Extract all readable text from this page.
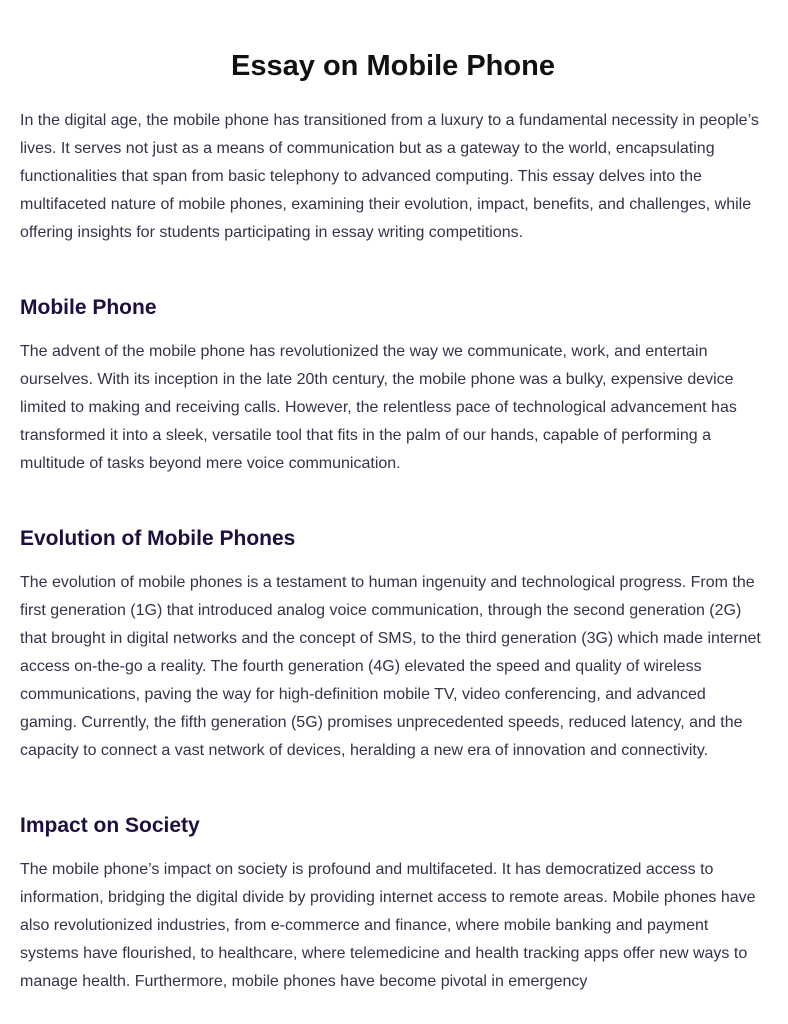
Essay on Mobile Phone

In the digital age, the mobile phone has transitioned from a luxury to a fundamental necessity in people’s lives. It serves not just as a means of communication but as a gateway to the world, encapsulating functionalities that span from basic telephony to advanced computing. This essay delves into the multifaceted nature of mobile phones, examining their evolution, impact, benefits, and challenges, while offering insights for students participating in essay writing competitions.

Mobile Phone

The advent of the mobile phone has revolutionized the way we communicate, work, and entertain ourselves. With its inception in the late 20th century, the mobile phone was a bulky, expensive device limited to making and receiving calls. However, the relentless pace of technological advancement has transformed it into a sleek, versatile tool that fits in the palm of our hands, capable of performing a multitude of tasks beyond mere voice communication.

Evolution of Mobile Phones

The evolution of mobile phones is a testament to human ingenuity and technological progress. From the first generation (1G) that introduced analog voice communication, through the second generation (2G) that brought in digital networks and the concept of SMS, to the third generation (3G) which made internet access on-the-go a reality. The fourth generation (4G) elevated the speed and quality of wireless communications, paving the way for high-definition mobile TV, video conferencing, and advanced gaming. Currently, the fifth generation (5G) promises unprecedented speeds, reduced latency, and the capacity to connect a vast network of devices, heralding a new era of innovation and connectivity.

Impact on Society

The mobile phone’s impact on society is profound and multifaceted. It has democratized access to information, bridging the digital divide by providing internet access to remote areas. Mobile phones have also revolutionized industries, from e-commerce and finance, where mobile banking and payment systems have flourished, to healthcare, where telemedicine and health tracking apps offer new ways to manage health. Furthermore, mobile phones have become pivotal in emergency
